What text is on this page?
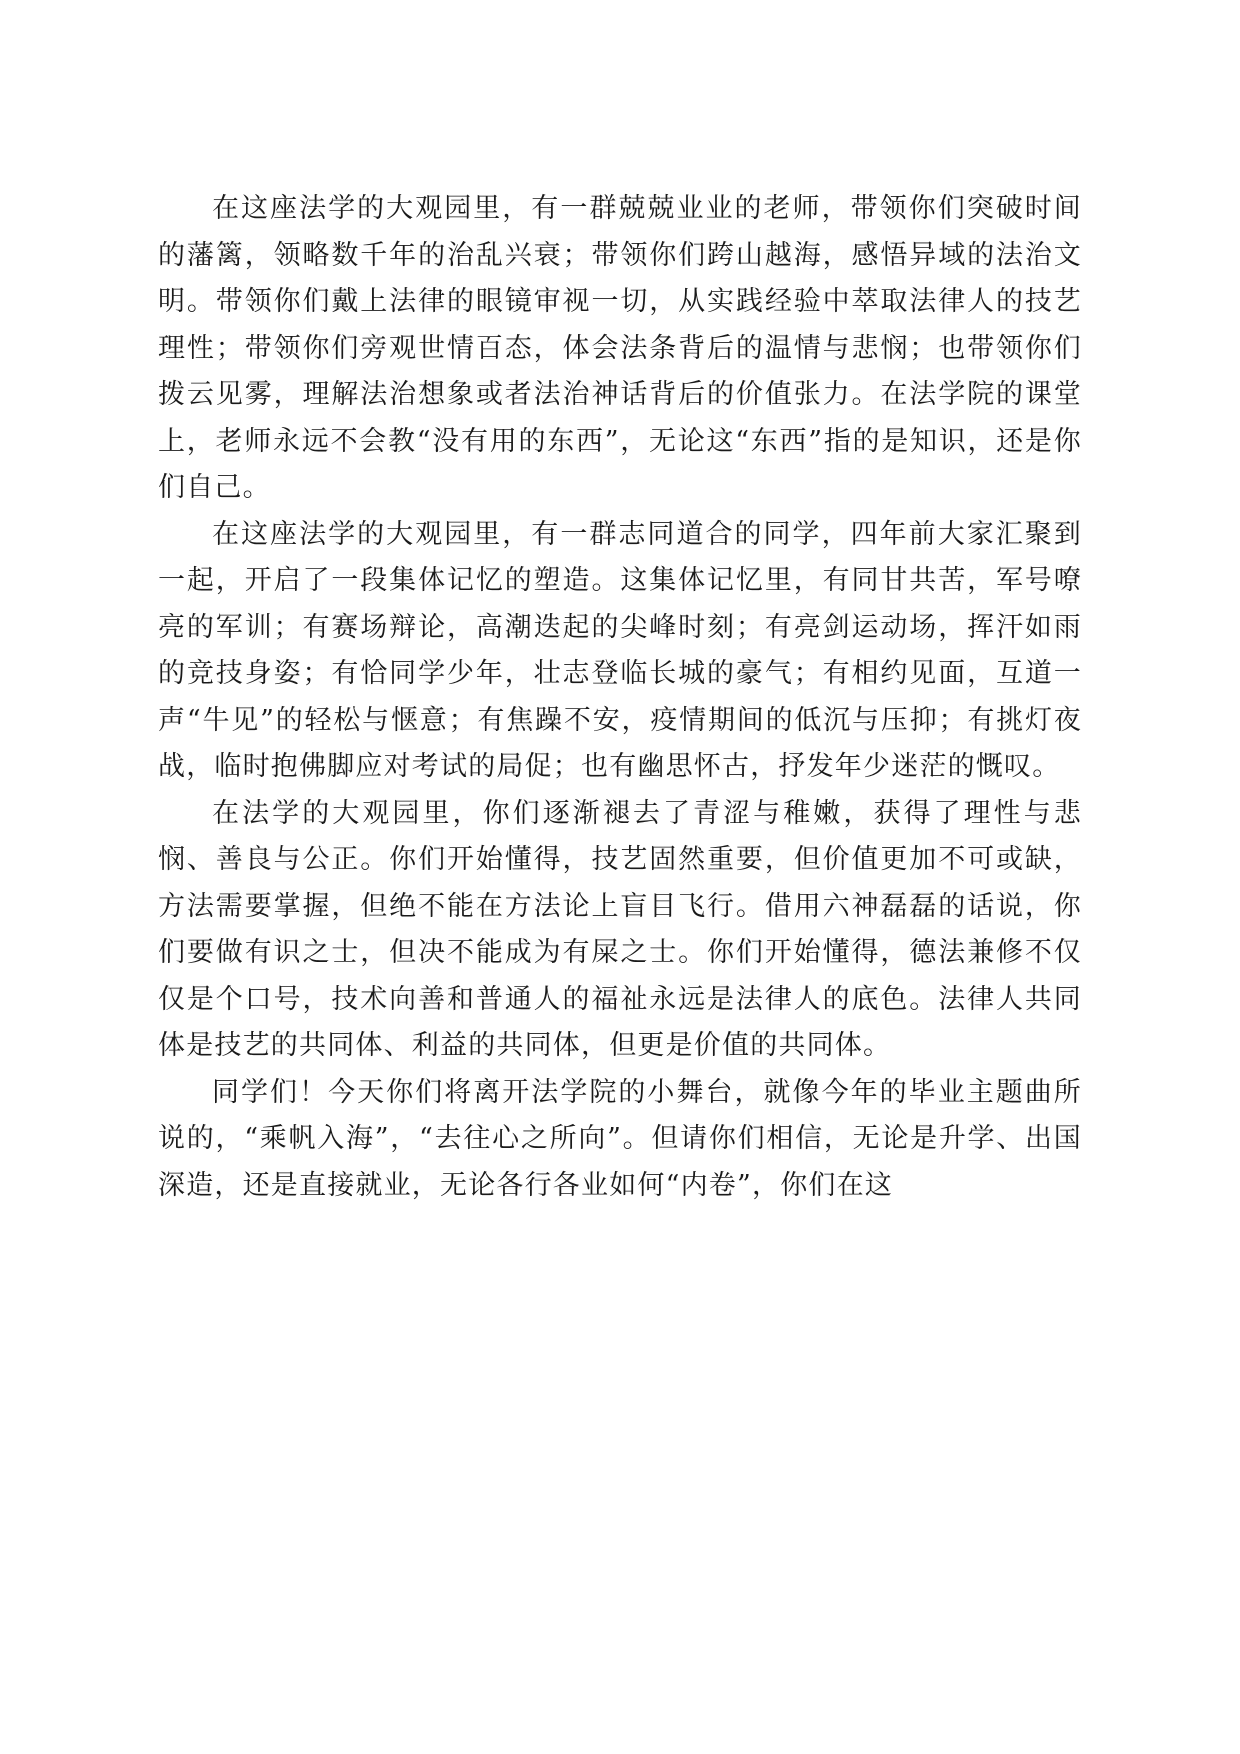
在这座法学的大观园里，有一群兢兢业业的老师，带领你们突破时间的藩篱，领略数千年的治乱兴衰；带领你们跨山越海，感悟异域的法治文明。带领你们戴上法律的眼镜审视一切，从实践经验中萃取法律人的技艺理性；带领你们旁观世情百态，体会法条背后的温情与悲悯；也带领你们拨云见雾，理解法治想象或者法治神话背后的价值张力。在法学院的课堂上，老师永远不会教“没有用的东西”，无论这“东西”指的是知识，还是你们自己。

在这座法学的大观园里，有一群志同道合的同学，四年前大家汇聚到一起，开启了一段集体记忆的塑造。这集体记忆里，有同甘共苦，军号嘹亮的军训；有赛场辩论，高潮迭起的尖峰时刻；有亮剑运动场，挥汗如雨的竞技身姿；有恰同学少年，壮志登临长城的豪气；有相约见面，互道一声“牛见”的轻松与惬意；有焦躁不安，疫情期间的低沉与压抑；有挑灯夜战，临时抱佛脚应对考试的局促；也有幽思怀古，抒发年少迷茫的慨叹。

在法学的大观园里，你们逐渐褪去了青涩与稚嫩，获得了理性与悲悯、善良与公正。你们开始懂得，技艺固然重要，但价值更加不可或缺，方法需要掌握，但绝不能在方法论上盲目飞行。借用六神磊磊的话说，你们要做有识之士，但决不能成为有屎之士。你们开始懂得，德法兼修不仅仅是个口号，技术向善和普通人的福祉永远是法律人的底色。法律人共同体是技艺的共同体、利益的共同体，但更是价值的共同体。

同学们！今天你们将离开法学院的小舞台，就像今年的毕业主题曲所说的，“乘帆入海”，“去往心之所向”。但请你们相信，无论是升学、出国深造，还是直接就业，无论各行各业如何“内卷”，你们在这
